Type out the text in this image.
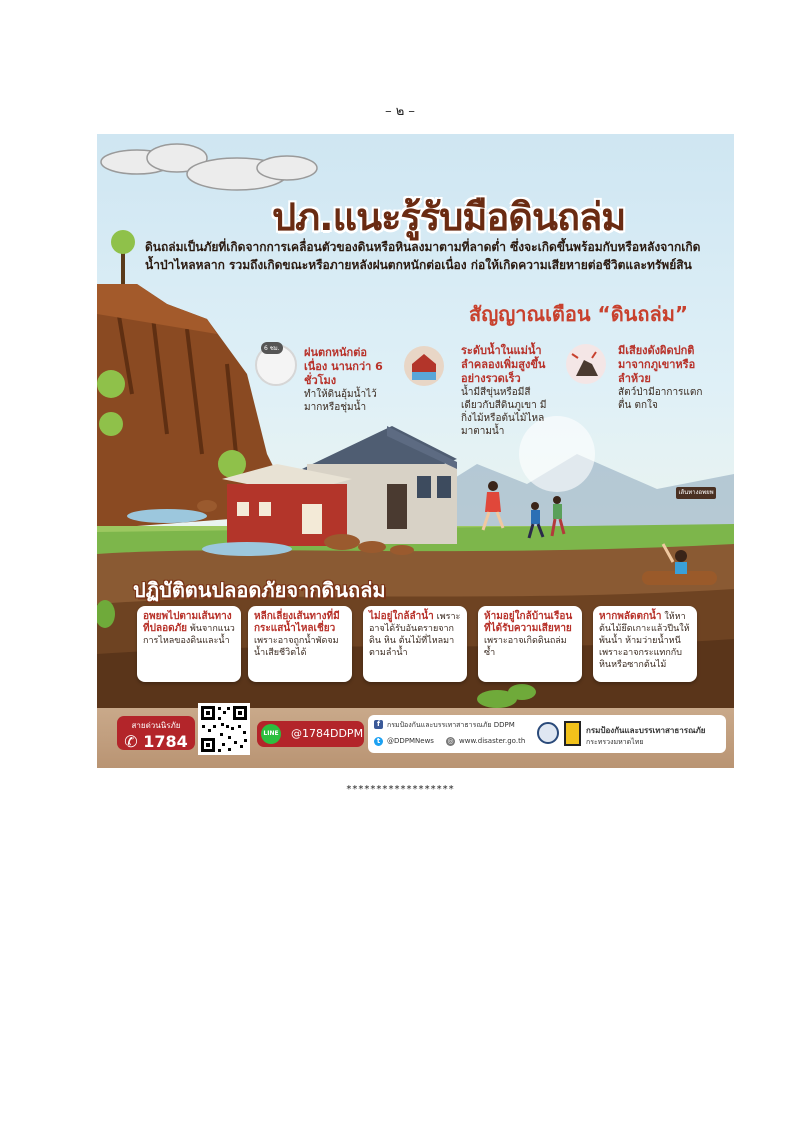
– ๒ –
ปภ.แนะรู้รับมือดินถล่ม
ดินถล่มเป็นภัยที่เกิดจากการเคลื่อนตัวของดินหรือหินลงมาตามที่ลาดต่ำ ซึ่งจะเกิดขึ้นพร้อมกับหรือหลังจากเกิดน้ำป่าไหลหลาก รวมถึงเกิดขณะหรือภายหลังฝนตกหนักต่อเนื่อง ก่อให้เกิดความเสียหายต่อชีวิตและทรัพย์สิน
สัญญาณเตือน “ดินถล่ม”
6 ชม. ฝนตกหนักต่อเนื่อง นานกว่า 6 ชั่วโมง
ทำให้ดินอุ้มน้ำไว้มากหรือชุ่มน้ำ
ระดับน้ำในแม่น้ำ ลำคลองเพิ่มสูงขึ้นอย่างรวดเร็ว
น้ำมีสีขุ่นหรือมีสีเดียวกับสีดินภูเขา มีกิ่งไม้หรือต้นไม้ไหลมาตามน้ำ
มีเสียงดังผิดปกติ มาจากภูเขาหรือลำห้วย
สัตว์ป่ามีอาการแตกตื่น ตกใจ
เส้นทางอพยพ
ปฏิบัติตนปลอดภัยจากดินถล่ม
อพยพไปตามเส้นทางที่ปลอดภัย พ้นจากแนวการไหลของดินและน้ำ
หลีกเลี่ยงเส้นทางที่มีกระแสน้ำไหลเชี่ยว เพราะอาจถูกน้ำพัดจมน้ำเสียชีวิตได้
ไม่อยู่ใกล้ลำน้ำ เพราะอาจได้รับอันตรายจากดิน หิน ต้นไม้ที่ไหลมาตามลำน้ำ
ห้ามอยู่ใกล้บ้านเรือนที่ได้รับความเสียหาย เพราะอาจเกิดดินถล่มซ้ำ
หากพลัดตกน้ำ ให้หาต้นไม้ยึดเกาะแล้วปีนให้พ้นน้ำ ห้ามว่ายน้ำหนี เพราะอาจกระแทกกับหินหรือซากต้นไม้
สายด่วนนิรภัย
✆ 1784	LINE @1784DDPM
f กรมป้องกันและบรรเทาสาธารณภัย DDPM
t @DDPMNews ◎ www.disaster.go.th
กรมป้องกันและบรรเทาสาธารณภัย
กระทรวงมหาดไทย
******************
